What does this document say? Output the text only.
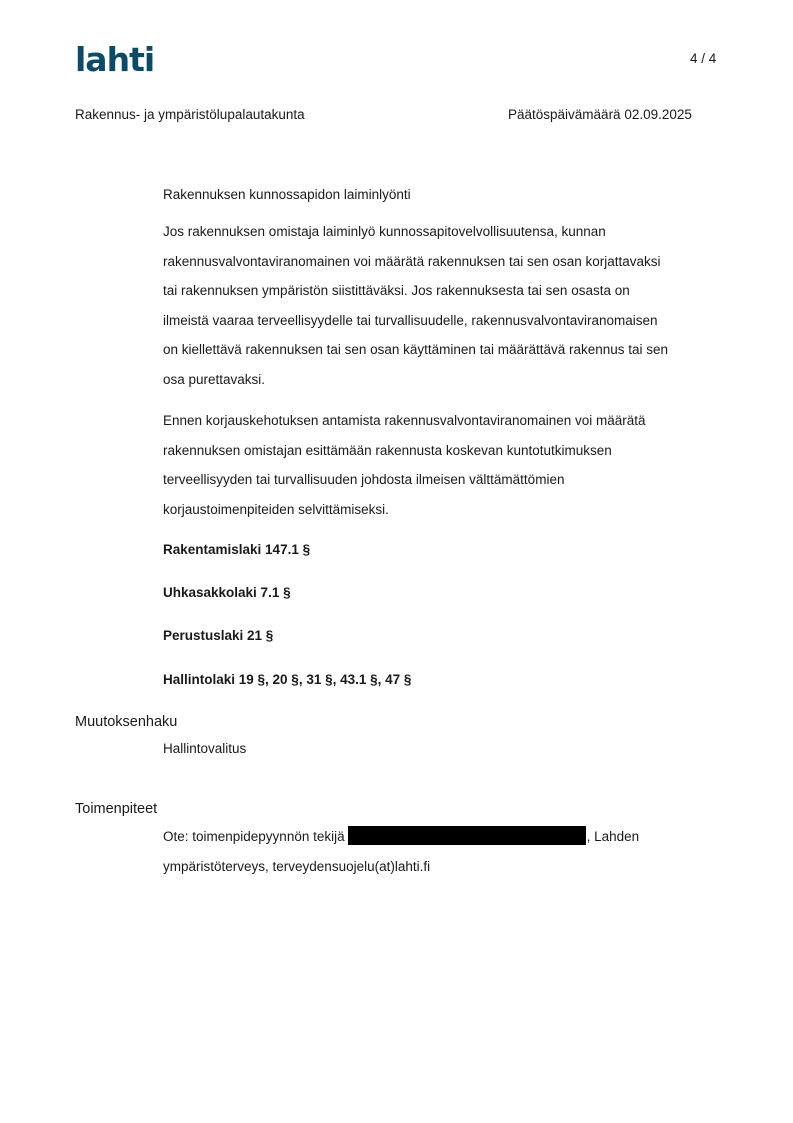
lahti	4 / 4
Rakennus- ja ympäristölupalautakunta	Päätöspäivämäärä 02.09.2025
Rakennuksen kunnossapidon laiminlyönti
Jos rakennuksen omistaja laiminlyö kunnossapitovelvollisuutensa, kunnan
rakennusvalvontaviranomainen voi määrätä rakennuksen tai sen osan korjattavaksi
tai rakennuksen ympäristön siistittäväksi. Jos rakennuksesta tai sen osasta on
ilmeistä vaaraa terveellisyydelle tai turvallisuudelle, rakennusvalvontaviranomaisen
on kiellettävä rakennuksen tai sen osan käyttäminen tai määrättävä rakennus tai sen
osa purettavaksi.
Ennen korjauskehotuksen antamista rakennusvalvontaviranomainen voi määrätä
rakennuksen omistajan esittämään rakennusta koskevan kuntotutkimuksen
terveellisyyden tai turvallisuuden johdosta ilmeisen välttämättömien
korjaustoimenpiteiden selvittämiseksi.
Rakentamislaki 147.1 §
Uhkasakkolaki 7.1 §
Perustuslaki 21 §
Hallintolaki 19 §, 20 §, 31 §, 43.1 §, 47 §
Muutoksenhaku
Hallintovalitus
Toimenpiteet
Ote: toimenpidepyynnön tekijä	, Lahden
ympäristöterveys, terveydensuojelu(at)lahti.fi
